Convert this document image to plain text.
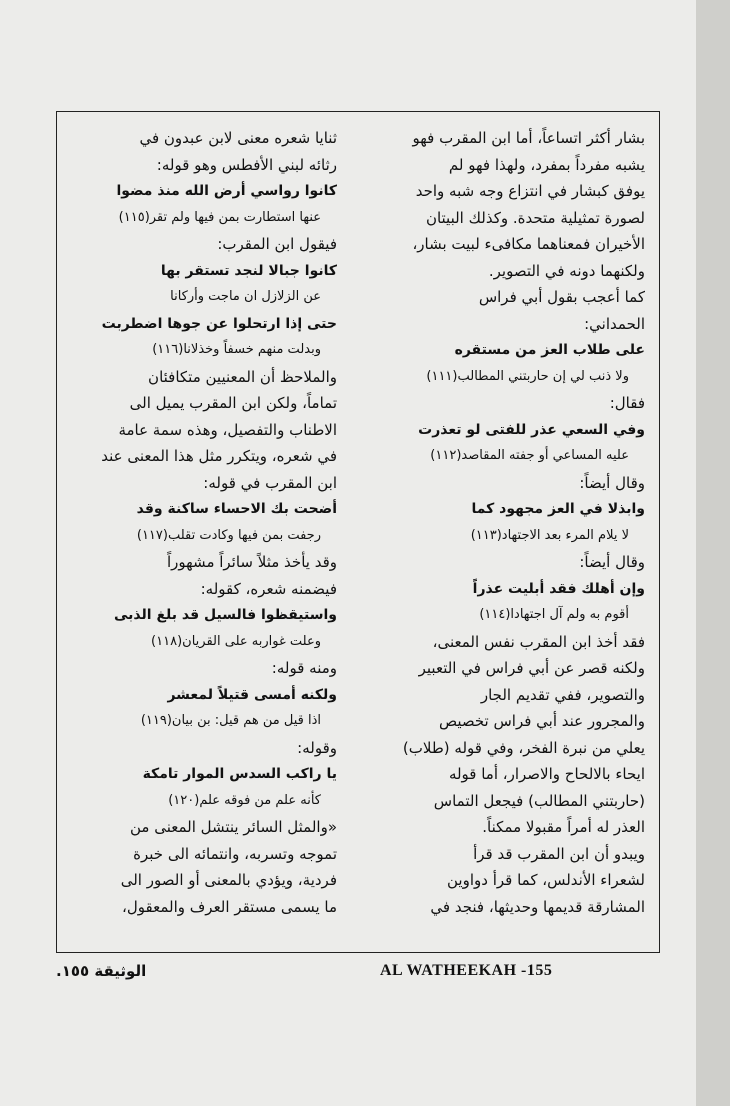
بشار أكثر اتساعاً، أما ابن المقرب فهو
يشبه مفرداً بمفرد، ولهذا فهو لم
يوفق كبشار في انتزاع وجه شبه واحد
لصورة تمثيلية متحدة. وكذلك البيتان
الأخيران فمعناهما مكافىء لبيت بشار،
ولكنهما دونه في التصوير.
كما أعجب بقول أبي فراس
الحمداني:
على طلاب العز من مستقره
ولا ذنب لي إن حاربتني المطالب(١١١)
فقال:
وفي السعي عذر للفتى لو تعذرت
عليه المساعي أو جفته المقاصد(١١٢)
وقال أيضاً:
وابذلا في العز مجهود كما
لا يلام المرء بعد الاجتهاد(١١٣)
وقال أيضاً:
وإن أهلك فقد أبليت عذراً
أقوم به ولم آل اجتهادا(١١٤)
فقد أخذ ابن المقرب نفس المعنى،
ولكنه قصر عن أبي فراس في التعبير
والتصوير، ففي تقديم الجار
والمجرور عند أبي فراس تخصيص
يعلي من نبرة الفخر، وفي قوله (طلاب)
ايحاء بالالحاح والاصرار، أما قوله
(حاربتني المطالب) فيجعل التماس
العذر له أمراً مقبولا ممكناً.
ويبدو أن ابن المقرب قد قرأ
لشعراء الأندلس، كما قرأ دواوين
المشارقة قديمها وحديثها، فنجد في
ثنايا شعره معنى لابن عبدون في
رثائه لبني الأفطس وهو قوله:
كانوا رواسي أرض الله منذ مضوا
عنها استطارت بمن فيها ولم تقر(١١٥)
فيقول ابن المقرب:
كانوا جبالا لنجد تستقر بها
عن الزلازل ان ماجت وأركانا
حتى إذا ارتحلوا عن جوها اضطربت
وبدلت منهم خسفاً وخذلانا(١١٦)
والملاحظ أن المعنيين متكافئان
تماماً، ولكن ابن المقرب يميل الى
الاطناب والتفصيل، وهذه سمة عامة
في شعره، ويتكرر مثل هذا المعنى عند
ابن المقرب في قوله:
أضحت بك الاحساء ساكنة وقد
رجفت بمن فيها وكادت تقلب(١١٧)
وقد يأخذ مثلاً سائراً مشهوراً
فيضمنه شعره، كقوله:
واستيقظوا فالسيل قد بلغ الذبى
وعلت غواربه على القريان(١١٨)
ومنه قوله:
ولكنه أمسى قتيلاً لمعشر
اذا قيل من هم قيل: بن بيان(١١٩)
وقوله:
يا راكب السدس الموار تامكة
كأنه علم من فوقه علم(١٢٠)
«والمثل السائر ينتشل المعنى من
تموجه وتسربه، وانتمائه الى خبرة
فردية، ويؤدي بالمعنى أو الصور الى
ما يسمى مستقر العرف والمعقول،
AL WATHEEKAH -155
الوثيقة ١٥٥.
